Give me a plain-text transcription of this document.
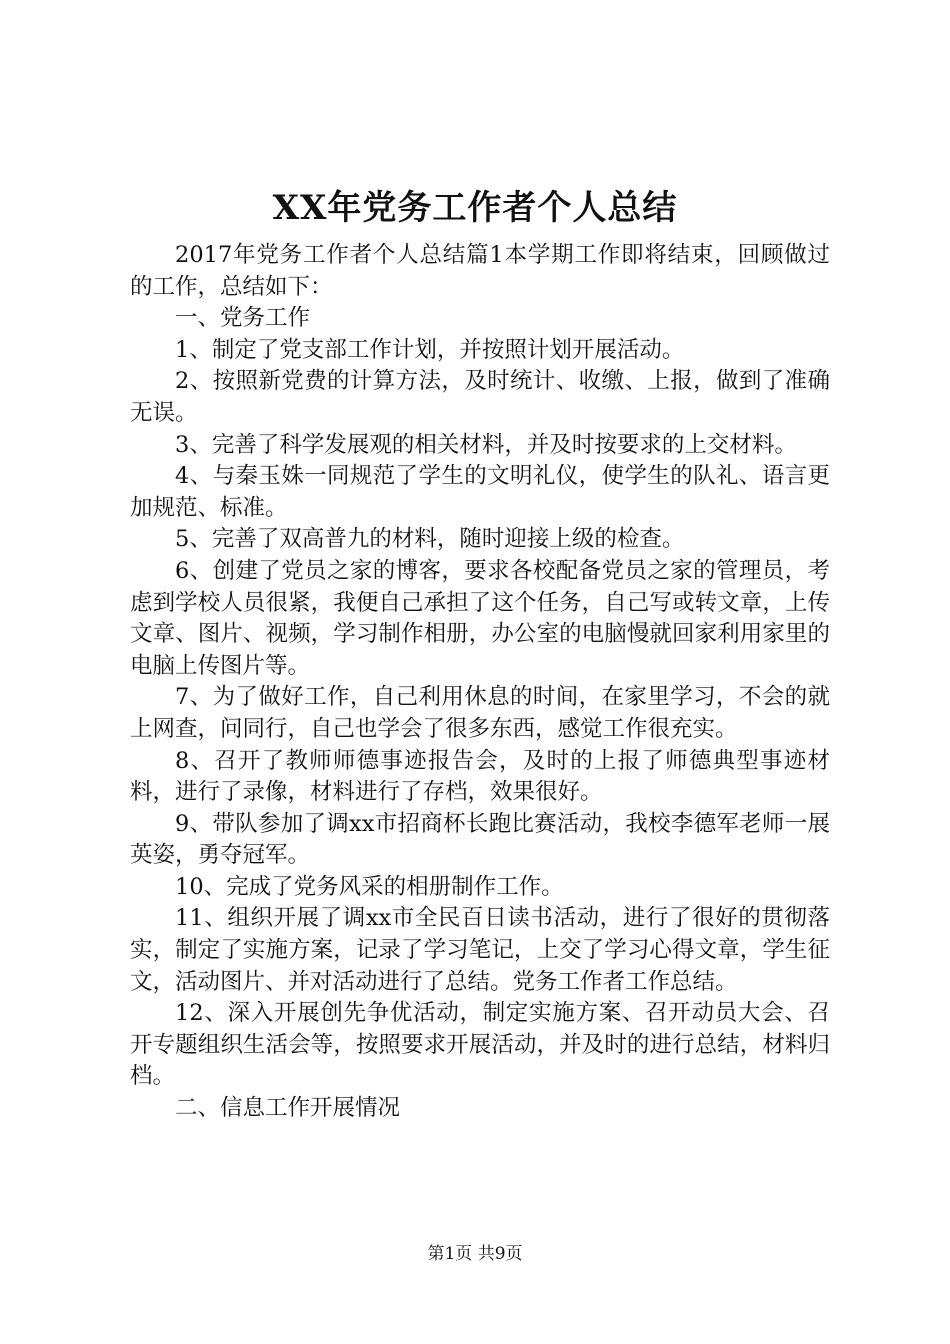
XX年党务工作者个人总结

2017年党务工作者个人总结篇1本学期工作即将结束，回顾做过的工作，总结如下：

一、党务工作

1、制定了党支部工作计划，并按照计划开展活动。

2、按照新党费的计算方法，及时统计、收缴、上报，做到了准确无误。

3、完善了科学发展观的相关材料，并及时按要求的上交材料。

4、与秦玉姝一同规范了学生的文明礼仪，使学生的队礼、语言更加规范、标准。

5、完善了双高普九的材料，随时迎接上级的检查。

6、创建了党员之家的博客，要求各校配备党员之家的管理员，考虑到学校人员很紧，我便自己承担了这个任务，自己写或转文章，上传文章、图片、视频，学习制作相册，办公室的电脑慢就回家利用家里的电脑上传图片等。

7、为了做好工作，自己利用休息的时间，在家里学习，不会的就上网查，问同行，自己也学会了很多东西，感觉工作很充实。

8、召开了教师师德事迹报告会，及时的上报了师德典型事迹材料，进行了录像，材料进行了存档，效果很好。

9、带队参加了调xx市招商杯长跑比赛活动，我校李德军老师一展英姿，勇夺冠军。

10、完成了党务风采的相册制作工作。

11、组织开展了调xx市全民百日读书活动，进行了很好的贯彻落实，制定了实施方案，记录了学习笔记，上交了学习心得文章，学生征文，活动图片、并对活动进行了总结。党务工作者工作总结。

12、深入开展创先争优活动，制定实施方案、召开动员大会、召开专题组织生活会等，按照要求开展活动，并及时的进行总结，材料归档。

二、信息工作开展情况

第1页 共9页
